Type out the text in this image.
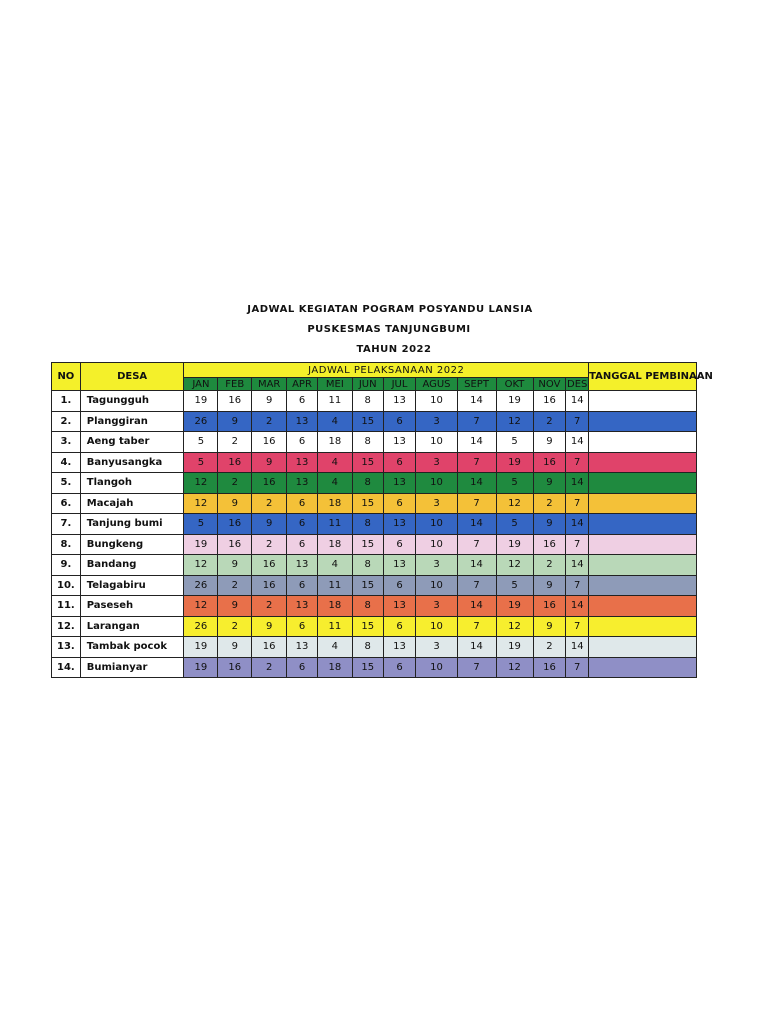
JADWAL KEGIATAN POGRAM POSYANDU LANSIA
PUSKESMAS TANJUNGBUMI
TAHUN 2022
NO	DESA	JADWAL PELAKSANAAN 2022												TANGGAL PEMBINAAN
		JAN	FEB	MAR	APR	MEI	JUN	JUL	AGUS	SEPT	OKT	NOV	DES	
1.	Tagungguh	19	16	9	6	11	8	13	10	14	19	16	14	
2.	Planggiran	26	9	2	13	4	15	6	3	7	12	2	7	
3.	Aeng taber	5	2	16	6	18	8	13	10	14	5	9	14	
4.	Banyusangka	5	16	9	13	4	15	6	3	7	19	16	7	
5.	Tlangoh	12	2	16	13	4	8	13	10	14	5	9	14	
6.	Macajah	12	9	2	6	18	15	6	3	7	12	2	7	
7.	Tanjung bumi	5	16	9	6	11	8	13	10	14	5	9	14	
8.	Bungkeng	19	16	2	6	18	15	6	10	7	19	16	7	
9.	Bandang	12	9	16	13	4	8	13	3	14	12	2	14	
10.	Telagabiru	26	2	16	6	11	15	6	10	7	5	9	7	
11.	Paseseh	12	9	2	13	18	8	13	3	14	19	16	14	
12.	Larangan	26	2	9	6	11	15	6	10	7	12	9	7	
13.	Tambak pocok	19	9	16	13	4	8	13	3	14	19	2	14	
14.	Bumianyar	19	16	2	6	18	15	6	10	7	12	16	7	
